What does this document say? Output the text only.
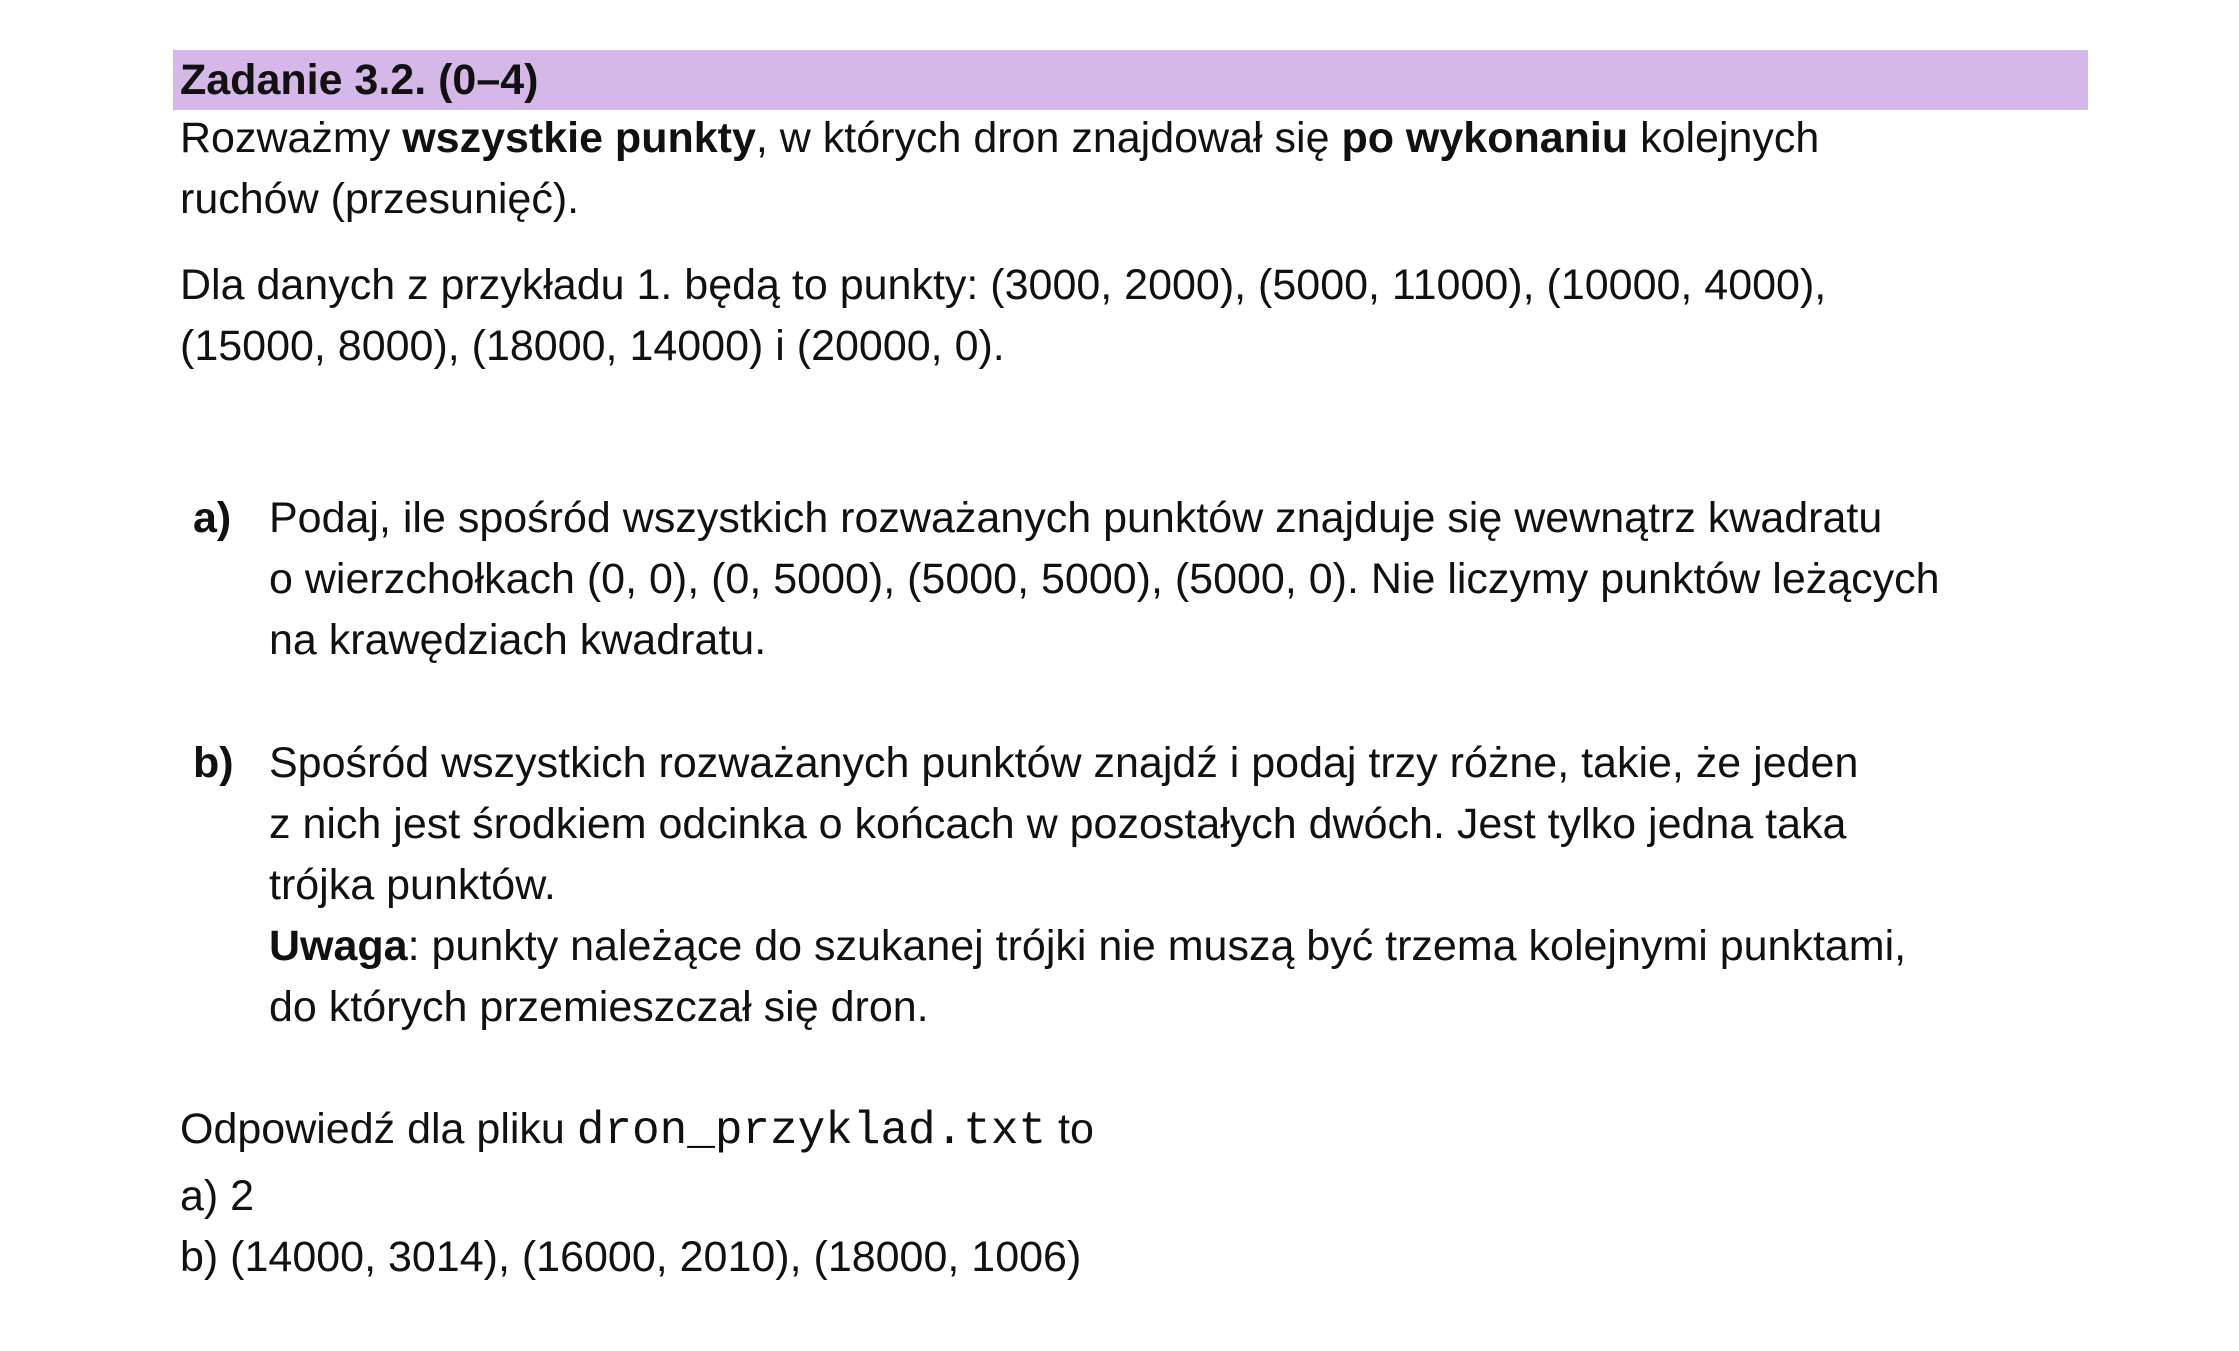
Zadanie 3.2. (0–4)
Rozważmy wszystkie punkty, w których dron znajdował się po wykonaniu kolejnych
ruchów (przesunięć).
Dla danych z przykładu 1. będą to punkty: (3000, 2000), (5000, 11000), (10000, 4000),
(15000, 8000), (18000, 14000) i (20000, 0).
a) Podaj, ile spośród wszystkich rozważanych punktów znajduje się wewnątrz kwadratu
o wierzchołkach (0, 0), (0, 5000), (5000, 5000), (5000, 0). Nie liczymy punktów leżących
na krawędziach kwadratu.
b) Spośród wszystkich rozważanych punktów znajdź i podaj trzy różne, takie, że jeden
z nich jest środkiem odcinka o końcach w pozostałych dwóch. Jest tylko jedna taka
trójka punktów.
Uwaga: punkty należące do szukanej trójki nie muszą być trzema kolejnymi punktami,
do których przemieszczał się dron.
Odpowiedź dla pliku dron_przyklad.txt to
a) 2
b) (14000, 3014), (16000, 2010), (18000, 1006)
